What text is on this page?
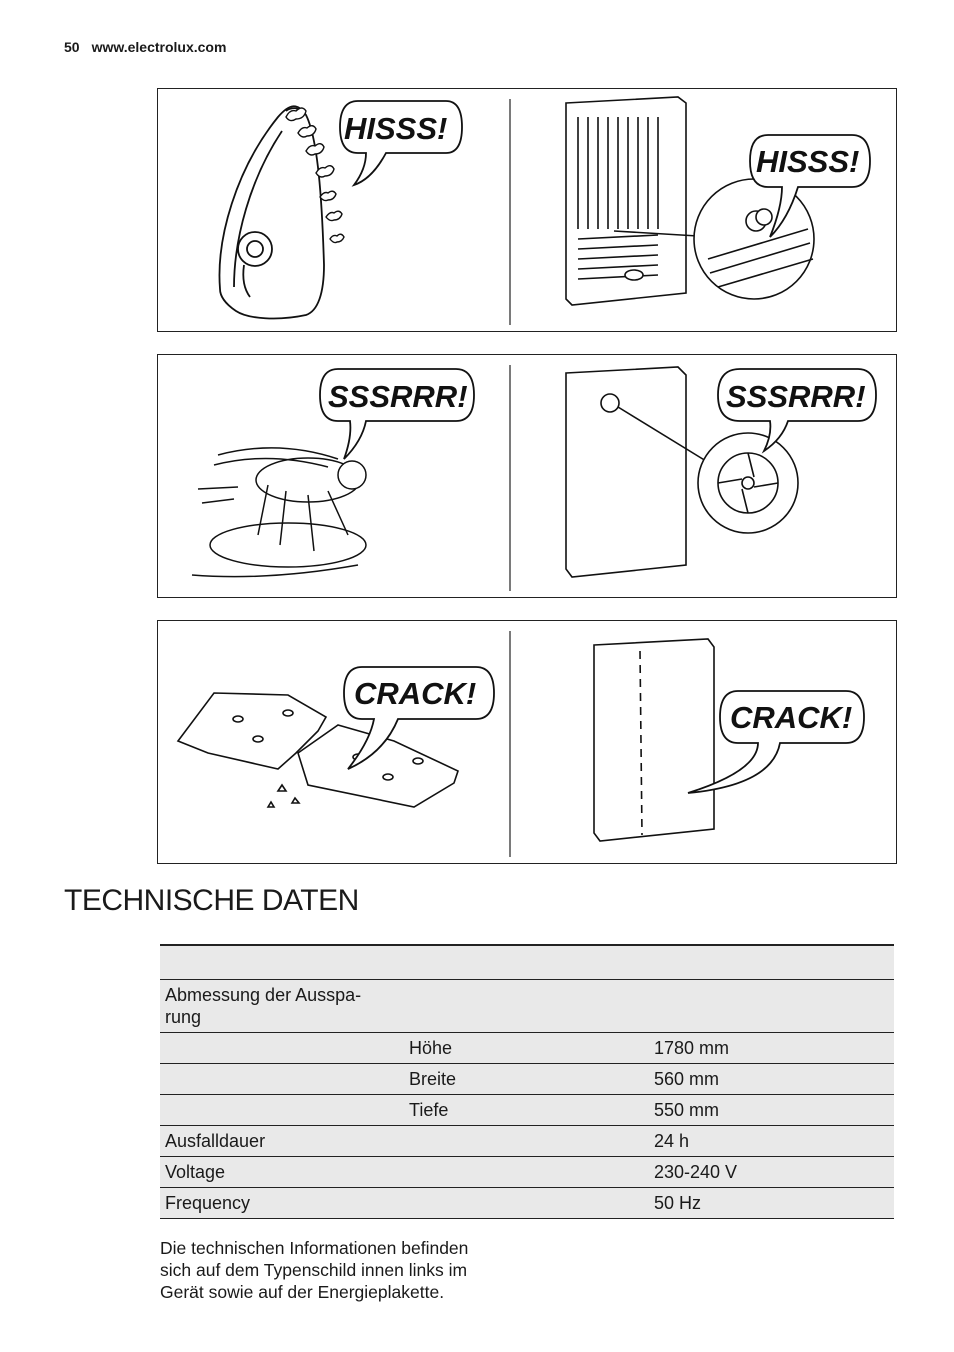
50 www.electrolux.com
HISSS!
HISSS!
SSSRRR!	SSSRRR!
CRACK!
CRACK!
TECHNISCHE DATEN

Abmessung der Ausspa-
rung		
	Höhe	1780 mm
	Breite	560 mm
	Tiefe	550 mm
Ausfalldauer		24 h
Voltage		230-240 V
Frequency		50 Hz

Die technischen Informationen befinden sich auf dem Typenschild innen links im Gerät sowie auf der Energieplakette.
